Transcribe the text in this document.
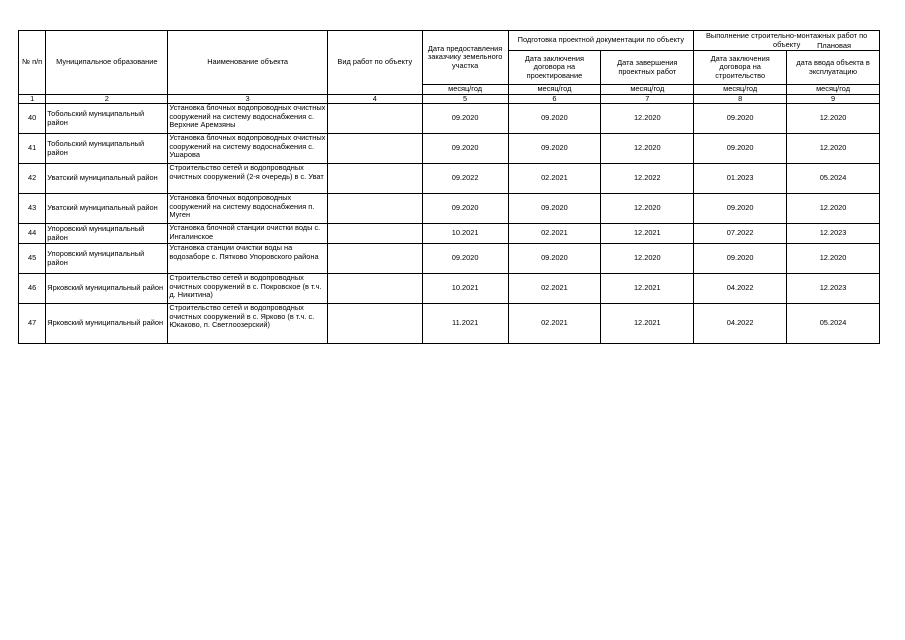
№ п/п	Муниципальное образование	Наименование объекта	Вид работ по объекту	Дата предоставления заказчику земельного участка	Подготовка проектной документации по объекту		Выполнение строительно-монтажных работ по объекту Плановая	

					Дата заключения договора на проектирование	Дата завершения проектных работ	Дата заключения договора на строительство	дата ввода объекта в эксплуатацию
				месяц/год	месяц/год	месяц/год	месяц/год	месяц/год
1	2	3	4	5	6	7	8	9
40	Тобольский муниципальный район	Установка блочных водопроводных очистных сооружений на систему водоснабжения с. Верхние Аремзяны		09.2020	09.2020	12.2020	09.2020	12.2020
41	Тобольский муниципальный район	Установка блочных водопроводных очистных сооружений на систему водоснабжения с. Ушарова		09.2020	09.2020	12.2020	09.2020	12.2020
42	Уватский муниципальный район	Строительство сетей и водопроводных очистных сооружений (2-я очередь) в с. Уват		09.2022	02.2021	12.2022	01.2023	05.2024
43	Уватский муниципальный район	Установка блочных водопроводных сооружений на систему водоснабжения п. Муген		09.2020	09.2020	12.2020	09.2020	12.2020
44	Упоровский муниципальный район	Установка блочной станции очистки воды с. Ингалинское		10.2021	02.2021	12.2021	07.2022	12.2023
45	Упоровский муниципальный район	Установка станции очистки воды на водозаборе с. Пятково Упоровского района		09.2020	09.2020	12.2020	09.2020	12.2020
46	Ярковский муниципальный район	Строительство сетей и водопроводных очистных сооружений в с. Покровское (в т.ч. д. Никитина)		10.2021	02.2021	12.2021	04.2022	12.2023
47	Ярковский муниципальный район	Строительство сетей и водопроводных очистных сооружений в с. Ярково (в т.ч. с. Юкаково, п. Светлоозерский)		11.2021	02.2021	12.2021	04.2022	05.2024
